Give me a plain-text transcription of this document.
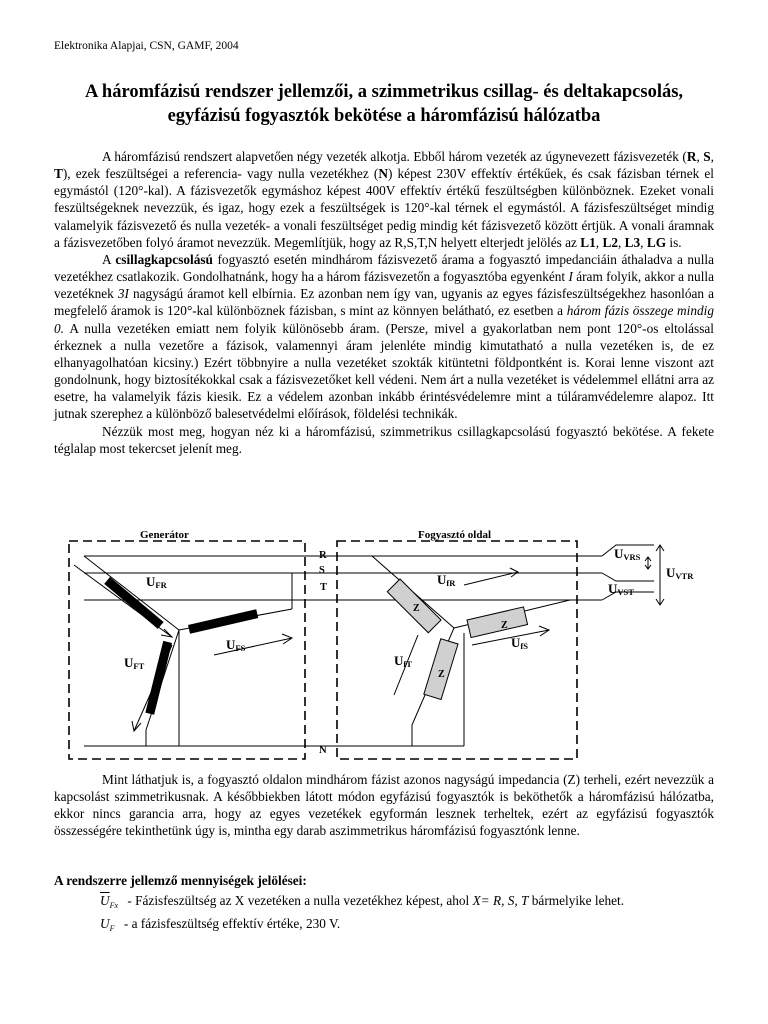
Elektronika Alapjai, CSN, GAMF, 2004
A háromfázisú rendszer jellemzői, a szimmetrikus csillag- és deltakapcsolás, egyfázisú fogyasztók bekötése a háromfázisú hálózatba

A háromfázisú rendszert alapvetően négy vezeték alkotja. Ebből három vezeték az úgynevezett fázisvezeték (R, S, T), ezek feszültségei a referencia- vagy nulla vezetékhez (N) képest 230V effektív értékűek, és csak fázisban térnek el egymástól (120°-kal). A fázisvezetők egymáshoz képest 400V effektív értékű feszültségben különböznek. Ezeket vonali feszültségeknek nevezzük, és igaz, hogy ezek a feszültségek is 120°-kal térnek el egymástól. A fázisfeszültséget mindig valamelyik fázisvezető és nulla vezeték- a vonali feszültséget pedig mindig két fázisvezető között értjük. A vonali áramnak a fázisvezetőben folyó áramot nevezzük. Megemlítjük, hogy az R,S,T,N helyett elterjedt jelölés az L1, L2, L3, LG is.

A csillagkapcsolású fogyasztó esetén mindhárom fázisvezető árama a fogyasztó impedanciáin áthaladva a nulla vezetékhez csatlakozik. Gondolhatnánk, hogy ha a három fázisvezetőn a fogyasztóba egyenként I áram folyik, akkor a nulla vezetéknek 3I nagyságú áramot kell elbírnia. Ez azonban nem így van, ugyanis az egyes fázisfeszültségekhez hasonlóan a megfelelő áramok is 120°-kal különböznek fázisban, s mint az könnyen belátható, ez esetben a három fázis összege mindig 0. A nulla vezetéken emiatt nem folyik különösebb áram. (Persze, mivel a gyakorlatban nem pont 120°-os eltolással érkeznek a nulla vezetőre a fázisok, valamennyi áram jelenléte mindig kimutatható a nulla vezetéken is, de ez elhanyagolhatóan kicsiny.) Ezért többnyire a nulla vezetéket szokták kitüntetni földpontként is. Korai lenne viszont azt gondolnunk, hogy biztosítékokkal csak a fázisvezetőket kell védeni. Nem árt a nulla vezetéket is védelemmel ellátni arra az esetre, ha valamelyik fázis kiesik. Ez a védelem azonban inkább érintésvédelemre mint a túláramvédelemre alapoz. Itt jutnak szerephez a különböző balesetvédelmi előírások, földelési technikák.

Nézzük most meg, hogyan néz ki a háromfázisú, szimmetrikus csillagkapcsolású fogyasztó bekötése. A fekete téglalap most tekercset jelenít meg.

Generátor	Fogyasztó oldal
R
S
T
N
UFR
UFS
UFT
Z
Z
Z
UfR
UfS
UfT
UVRS
UVST
UVTR

Mint láthatjuk is, a fogyasztó oldalon mindhárom fázist azonos nagyságú impedancia (Z) terheli, ezért nevezzük a kapcsolást szimmetrikusnak. A későbbiekben látott módon egyfázisú fogyasztók is beköthetők a háromfázisú hálózatba, ekkor nincs garancia arra, hogy az egyes vezetékek egyformán lesznek terheltek, ezért az egyfázisú fogyasztók összességére tekinthetünk úgy is, mintha egy darab aszimmetrikus háromfázisú fogyasztónk lenne.

A rendszerre jellemző mennyiségek jelölései:
$\overline{U}_{Fx}$ - Fázisfeszültség az X vezetéken a nulla vezetékhez képest, ahol X= R, S, T bármelyike lehet.
$U_F$ - a fázisfeszültség effektív értéke, 230 V.
